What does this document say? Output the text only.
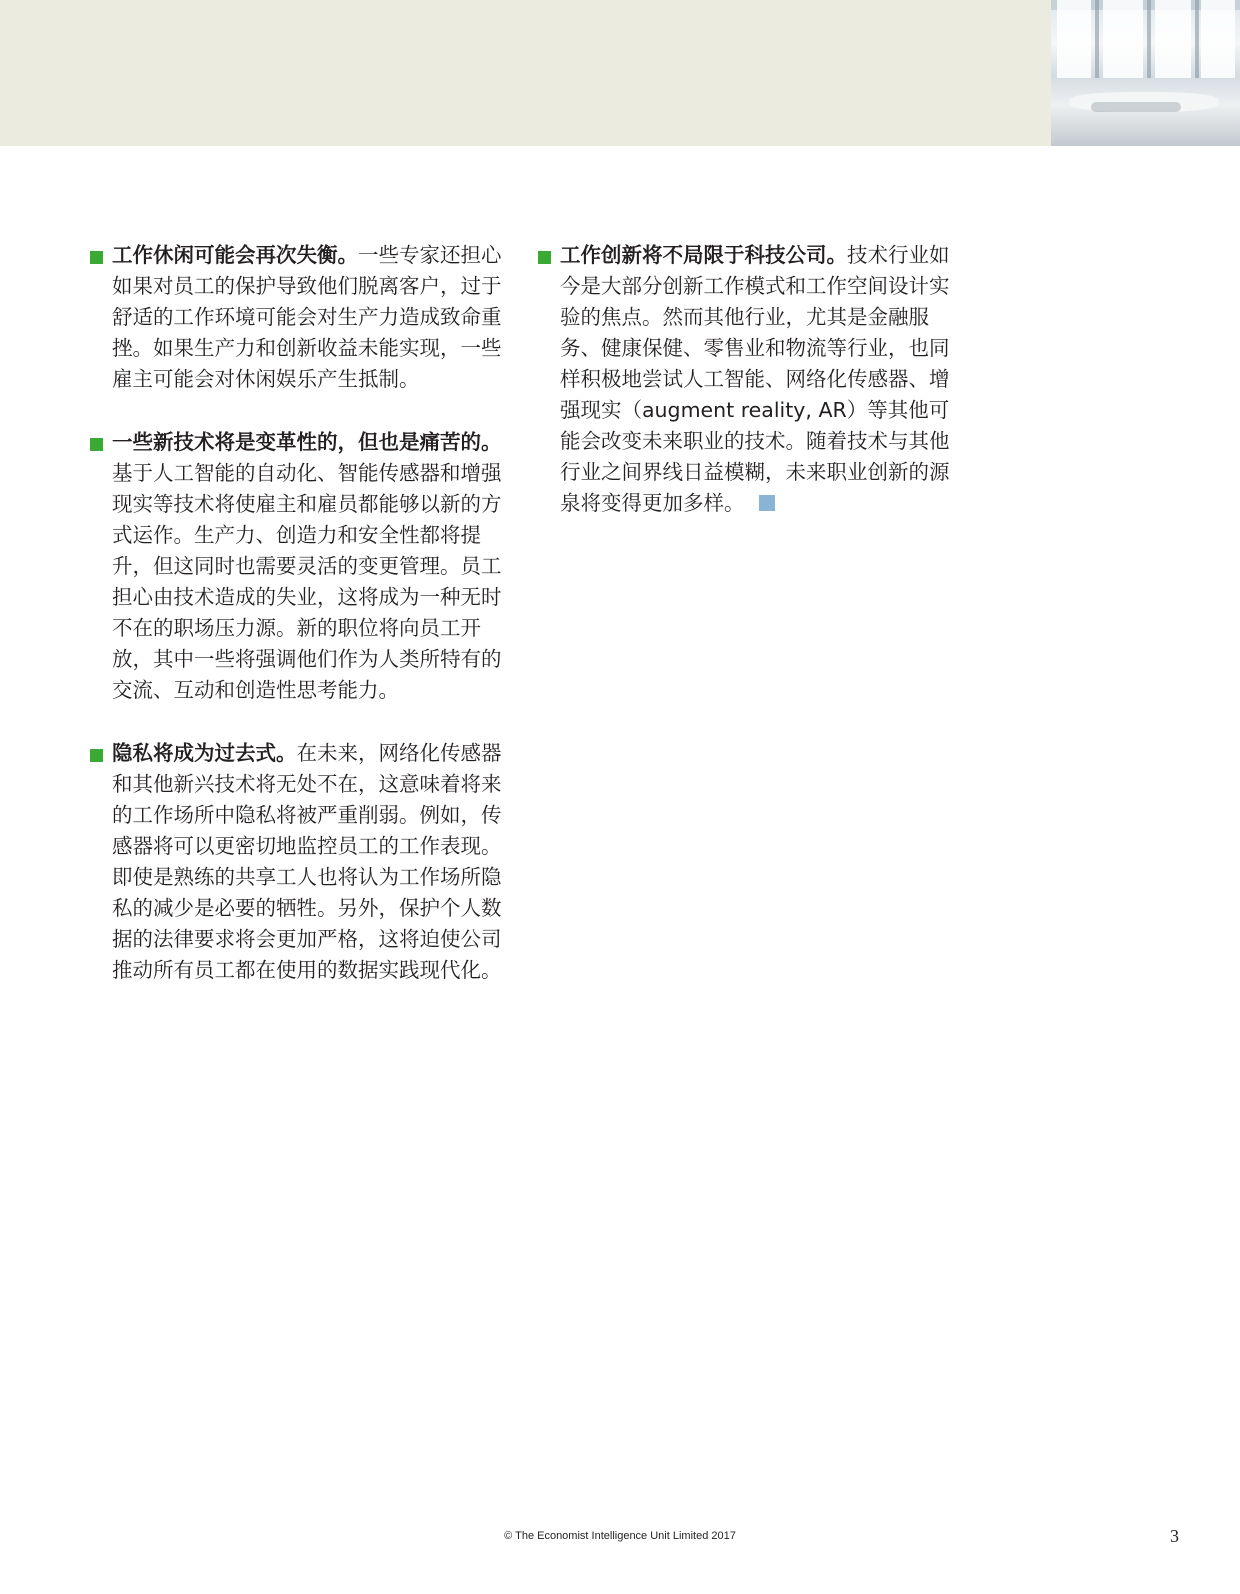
工作休闲可能会再次失衡。一些专家还担心如果对员工的保护导致他们脱离客户，过于舒适的工作环境可能会对生产力造成致命重挫。如果生产力和创新收益未能实现，一些雇主可能会对休闲娱乐产生抵制。

一些新技术将是变革性的，但也是痛苦的。 基于人工智能的自动化、智能传感器和增强现实等技术将使雇主和雇员都能够以新的方式运作。生产力、创造力和安全性都将提升，但这同时也需要灵活的变更管理。员工担心由技术造成的失业，这将成为一种无时不在的职场压力源。新的职位将向员工开放，其中一些将强调他们作为人类所特有的交流、互动和创造性思考能力。

隐私将成为过去式。在未来，网络化传感器和其他新兴技术将无处不在，这意味着将来的工作场所中隐私将被严重削弱。例如，传感器将可以更密切地监控员工的工作表现。即使是熟练的共享工人也将认为工作场所隐私的减少是必要的牺牲。另外，保护个人数据的法律要求将会更加严格，这将迫使公司推动所有员工都在使用的数据实践现代化。

工作创新将不局限于科技公司。技术行业如今是大部分创新工作模式和工作空间设计实验的焦点。然而其他行业，尤其是金融服务、健康保健、零售业和物流等行业，也同样积极地尝试人工智能、网络化传感器、增强现实（augment reality, AR）等其他可能会改变未来职业的技术。随着技术与其他行业之间界线日益模糊，未来职业创新的源泉将变得更加多样。

© The Economist Intelligence Unit Limited 2017	3
